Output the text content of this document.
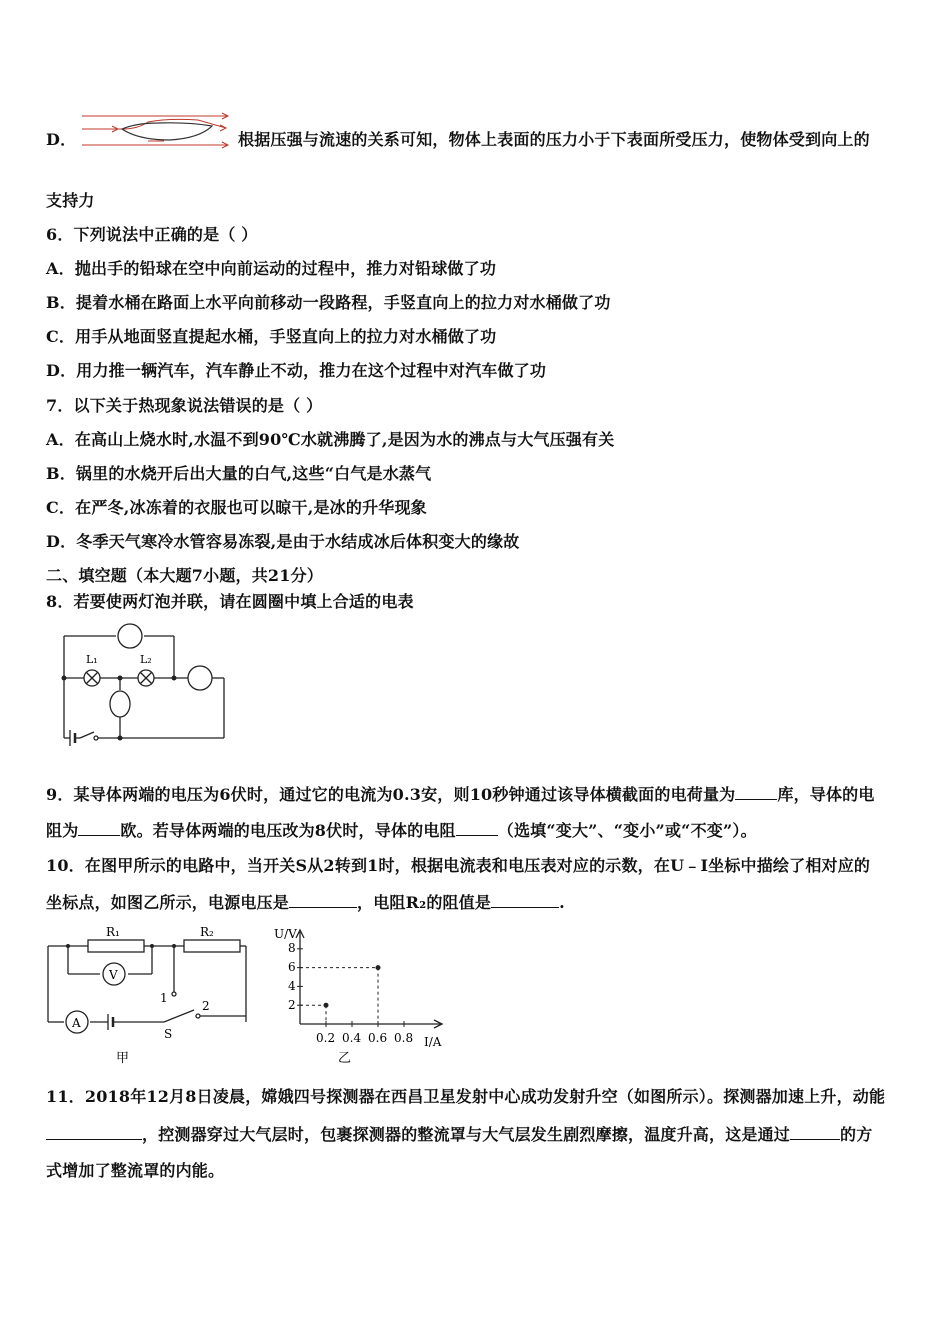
D．	根据压强与流速的关系可知，物体上表面的压力小于下表面所受压力，使物体受到向上的
支持力
6．下列说法中正确的是（ ）
A．抛出手的铅球在空中向前运动的过程中，推力对铅球做了功
B．提着水桶在路面上水平向前移动一段路程，手竖直向上的拉力对水桶做了功
C．用手从地面竖直提起水桶，手竖直向上的拉力对水桶做了功
D．用力推一辆汽车，汽车静止不动，推力在这个过程中对汽车做了功
7．以下关于热现象说法错误的是（ ）
A．在高山上烧水时,水温不到90℃水就沸腾了,是因为水的沸点与大气压强有关
B．锅里的水烧开后出大量的白气,这些“白气是水蒸气
C．在严冬,冰冻着的衣服也可以晾干,是冰的升华现象
D．冬季天气寒冷水管容易冻裂,是由于水结成冰后体积变大的缘故
二、填空题（本大题7小题，共21分）
8．若要使两灯泡并联，请在圆圈中填上合适的电表
L₁	L₂
9．某导体两端的电压为6伏时，通过它的电流为0.3安，则10秒钟通过该导体横截面的电荷量为	库，导体的电
阻为	欧。若导体两端的电压改为8伏时，导体的电阻	（选填“变大”、“变小”或“不变”）。
10．在图甲所示的电路中，当开关S从2转到1时，根据电流表和电压表对应的示数，在U﹣I坐标中描绘了相对应的
坐标点，如图乙所示，电源电压是	，电阻R₂的阻值是	.
R₁	R₂
V
A
1
2
S
甲
U/V
I/A
2
4
6
8
0.2 0.4 0.6 0.8
乙
11．2018年12月8日凌晨，嫦娥四号探测器在西昌卫星发射中心成功发射升空（如图所示）。探测器加速上升，动能
，控测器穿过大气层时，包裹探测器的整流罩与大气层发生剧烈摩擦，温度升高，这是通过	的方
式增加了整流罩的内能。
